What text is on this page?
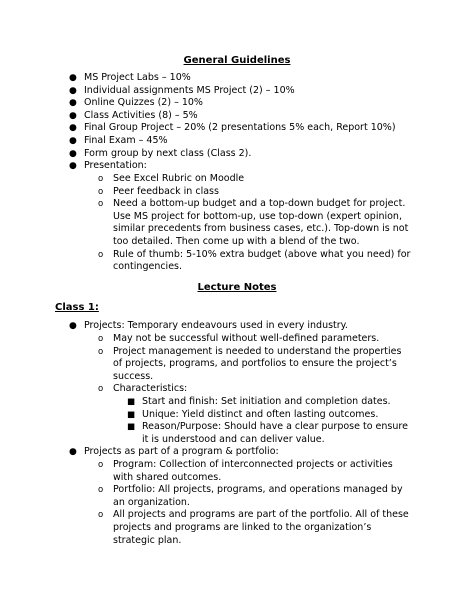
General Guidelines
● MS Project Labs – 10%
● Individual assignments MS Project (2) – 10%
● Online Quizzes (2) – 10%
● Class Activities (8) – 5%
● Final Group Project – 20% (2 presentations 5% each, Report 10%)
● Final Exam – 45%
● Form group by next class (Class 2).
● Presentation:
o See Excel Rubric on Moodle
o Peer feedback in class
o Need a bottom-up budget and a top-down budget for project. Use MS project for bottom-up, use top-down (expert opinion, similar precedents from business cases, etc.). Top-down is not too detailed. Then come up with a blend of the two.
o Rule of thumb: 5-10% extra budget (above what you need) for contingencies.
Lecture Notes
Class 1:
● Projects: Temporary endeavours used in every industry.
o May not be successful without well-defined parameters.
o Project management is needed to understand the properties of projects, programs, and portfolios to ensure the project’s success.
o Characteristics:
■ Start and finish: Set initiation and completion dates.
■ Unique: Yield distinct and often lasting outcomes.
■ Reason/Purpose: Should have a clear purpose to ensure it is understood and can deliver value.
● Projects as part of a program & portfolio:
o Program: Collection of interconnected projects or activities with shared outcomes.
o Portfolio: All projects, programs, and operations managed by an organization.
o All projects and programs are part of the portfolio. All of these projects and programs are linked to the organization’s strategic plan.
